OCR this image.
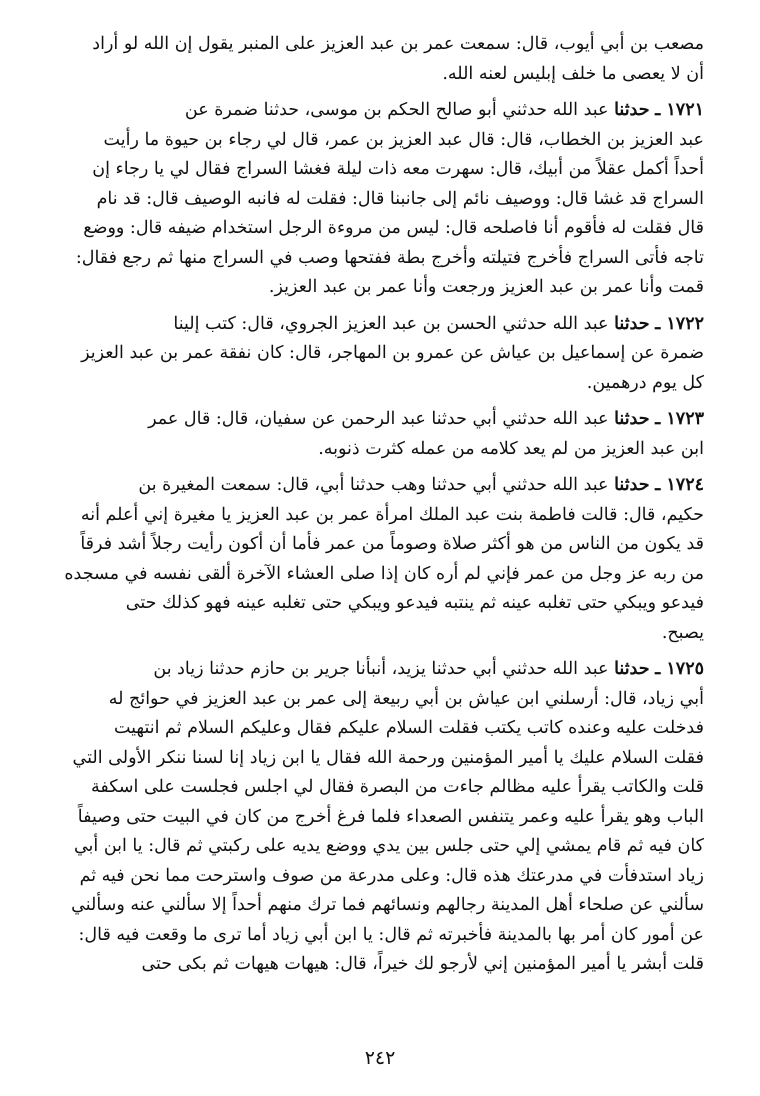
مصعب بن أبي أيوب، قال: سمعت عمر بن عبد العزيز على المنبر يقول إن الله لو أراد
أن لا يعصى ما خلف إبليس لعنه الله.

١٧٢١ ـ حدثنا عبد الله حدثني أبو صالح الحكم بن موسى، حدثنا ضمرة عن
عبد العزيز بن الخطاب، قال: قال عبد العزيز بن عمر، قال لي رجاء بن حيوة ما رأيت
أحداً أكمل عقلاً من أبيك، قال: سهرت معه ذات ليلة فغشا السراج فقال لي يا رجاء إن
السراج قد غشا قال: ووصيف نائم إلى جانبنا قال: فقلت له فانبه الوصيف قال: قد نام
قال فقلت له فأقوم أنا فاصلحه قال: ليس من مروءة الرجل استخدام ضيفه قال: ووضع
تاجه فأتى السراج فأخرج فتيلته وأخرج بطة ففتحها وصب في السراج منها ثم رجع فقال:
قمت وأنا عمر بن عبد العزيز ورجعت وأنا عمر بن عبد العزيز.

١٧٢٢ ـ حدثنا عبد الله حدثني الحسن بن عبد العزيز الجروي، قال: كتب إلينا
ضمرة عن إسماعيل بن عياش عن عمرو بن المهاجر، قال: كان نفقة عمر بن عبد العزيز
كل يوم درهمين.

١٧٢٣ ـ حدثنا عبد الله حدثني أبي حدثنا عبد الرحمن عن سفيان، قال: قال عمر
ابن عبد العزيز من لم يعد كلامه من عمله كثرت ذنوبه.

١٧٢٤ ـ حدثنا عبد الله حدثني أبي حدثنا وهب حدثنا أبي، قال: سمعت المغيرة بن
حكيم، قال: قالت فاطمة بنت عبد الملك امرأة عمر بن عبد العزيز يا مغيرة إني أعلم أنه
قد يكون من الناس من هو أكثر صلاة وصوماً من عمر فأما أن أكون رأيت رجلاً أشد فرقاً
من ربه عز وجل من عمر فإني لم أره كان إذا صلى العشاء الآخرة ألقى نفسه في مسجده
فيدعو ويبكي حتى تغلبه عينه ثم ينتبه فيدعو ويبكي حتى تغلبه عينه فهو كذلك حتى
يصبح.

١٧٢٥ ـ حدثنا عبد الله حدثني أبي حدثنا يزيد، أنبأنا جرير بن حازم حدثنا زياد بن
أبي زياد، قال: أرسلني ابن عياش بن أبي ربيعة إلى عمر بن عبد العزيز في حوائج له
فدخلت عليه وعنده كاتب يكتب فقلت السلام عليكم فقال وعليكم السلام ثم انتهيت
فقلت السلام عليك يا أمير المؤمنين ورحمة الله فقال يا ابن زياد إنا لسنا ننكر الأولى التي
قلت والكاتب يقرأ عليه مظالم جاءت من البصرة فقال لي اجلس فجلست على اسكفة
الباب وهو يقرأ عليه وعمر يتنفس الصعداء فلما فرغ أخرج من كان في البيت حتى وصيفاً
كان فيه ثم قام يمشي إلي حتى جلس بين يدي ووضع يديه على ركبتي ثم قال: يا ابن أبي
زياد استدفأت في مدرعتك هذه قال: وعلى مدرعة من صوف واسترحت مما نحن فيه ثم
سألني عن صلحاء أهل المدينة رجالهم ونسائهم فما ترك منهم أحداً إلا سألني عنه وسألني
عن أمور كان أمر بها بالمدينة فأخبرته ثم قال: يا ابن أبي زياد أما ترى ما وقعت فيه قال:
قلت أبشر يا أمير المؤمنين إني لأرجو لك خيراً، قال: هيهات هيهات ثم بكى حتى

٢٤٢
